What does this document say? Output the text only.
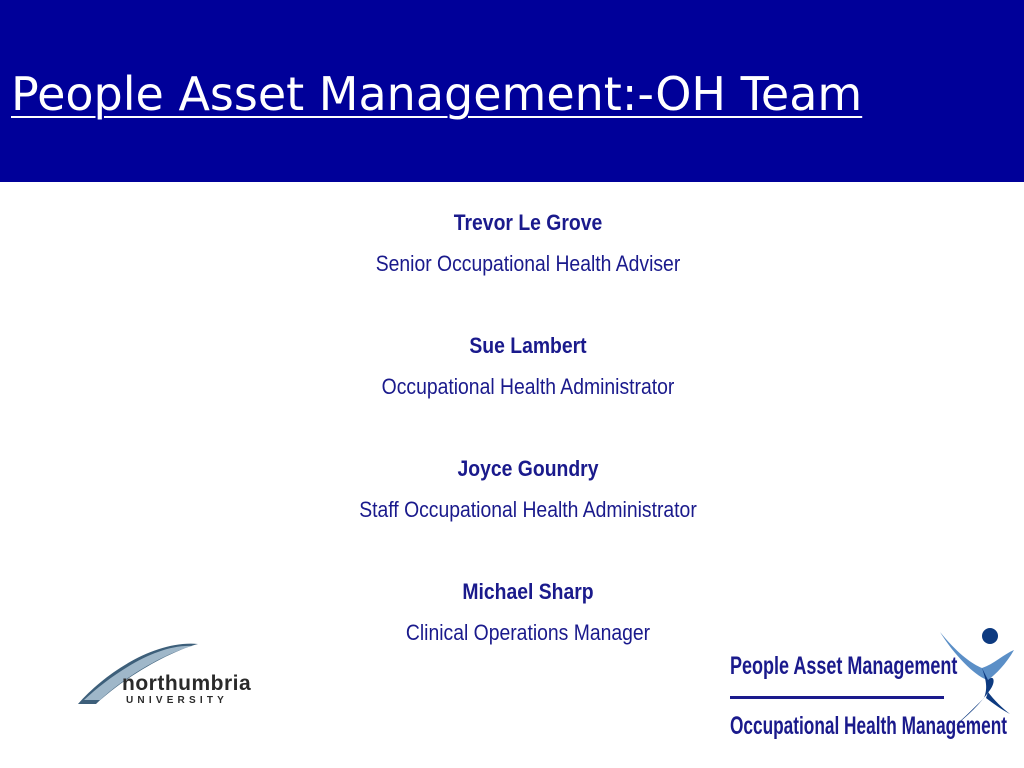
People Asset Management:-OH Team
Trevor Le Grove
Senior Occupational Health Adviser
Sue Lambert
Occupational Health Administrator
Joyce Goundry
Staff Occupational Health Administrator
Michael Sharp
Clinical Operations Manager
northumbria
UNIVERSITY
People Asset Management
Occupational Health Management
